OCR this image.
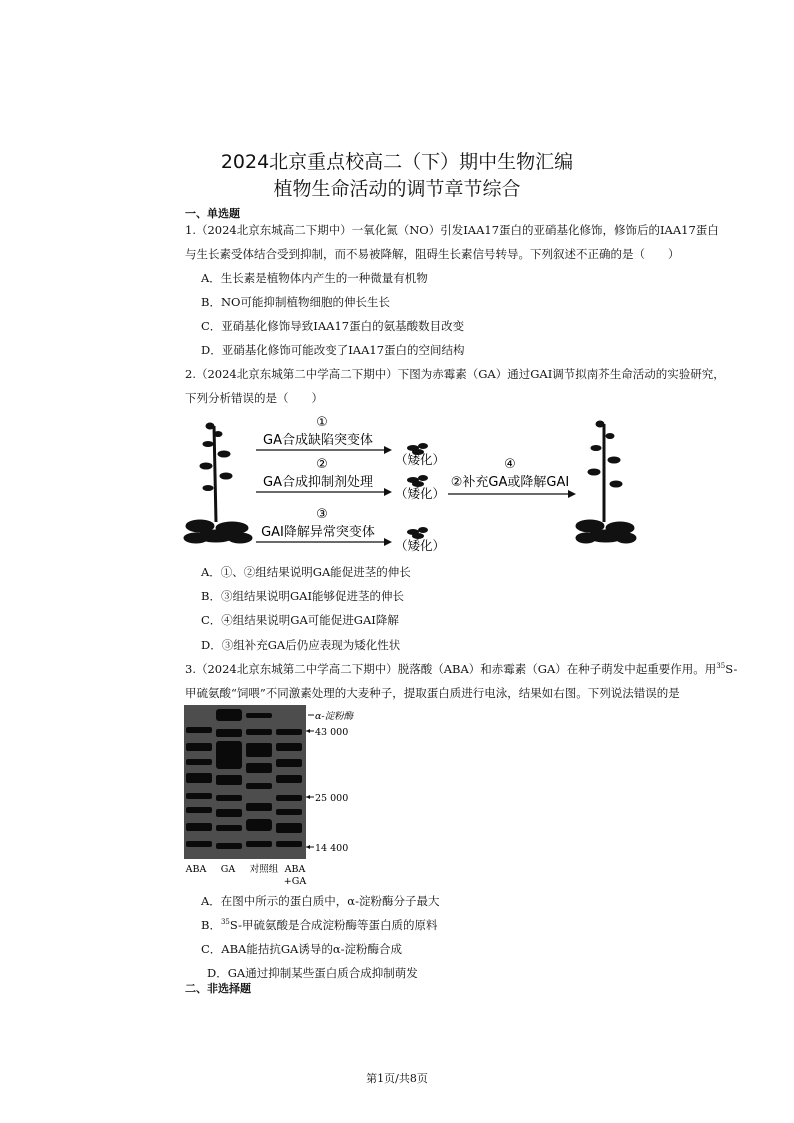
2024北京重点校高二（下）期中生物汇编
植物生命活动的调节章节综合
一、单选题
1.（2024北京东城高二下期中）一氧化氮（NO）引发IAA17蛋白的亚硝基化修饰，修饰后的IAA17蛋白
与生长素受体结合受到抑制，而不易被降解，阻碍生长素信号转导。下列叙述不正确的是（　　）
A．生长素是植物体内产生的一种微量有机物
B．NO可能抑制植物细胞的伸长生长
C．亚硝基化修饰导致IAA17蛋白的氨基酸数目改变
D．亚硝基化修饰可能改变了IAA17蛋白的空间结构
2.（2024北京东城第二中学高二下期中）下图为赤霉素（GA）通过GAI调节拟南芥生命活动的实验研究，
下列分析错误的是（　　）
①
GA合成缺陷突变体
（矮化）
②
GA合成抑制剂处理
（矮化）
③
GAI降解异常突变体
（矮化）
④
②补充GA或降解GAI
A．①、②组结果说明GA能促进茎的伸长
B．③组结果说明GAI能够促进茎的伸长
C．④组结果说明GA可能促进GAI降解
D．③组补充GA后仍应表现为矮化性状
3.（2024北京东城第二中学高二下期中）脱落酸（ABA）和赤霉素（GA）在种子萌发中起重要作用。用$^{35}$S-
甲硫氨酸“饲喂”不同激素处理的大麦种子，提取蛋白质进行电泳，结果如右图。下列说法错误的是
α-淀粉酶
43 000
25 000
14 400
ABA GA 对照组 ABA
+GA
A．在图中所示的蛋白质中，α-淀粉酶分子最大
B．$^{35}$S-甲硫氨酸是合成淀粉酶等蛋白质的原料
C．ABA能拮抗GA诱导的α-淀粉酶合成
D．GA通过抑制某些蛋白质合成抑制萌发
二、非选择题
第1页/共8页
